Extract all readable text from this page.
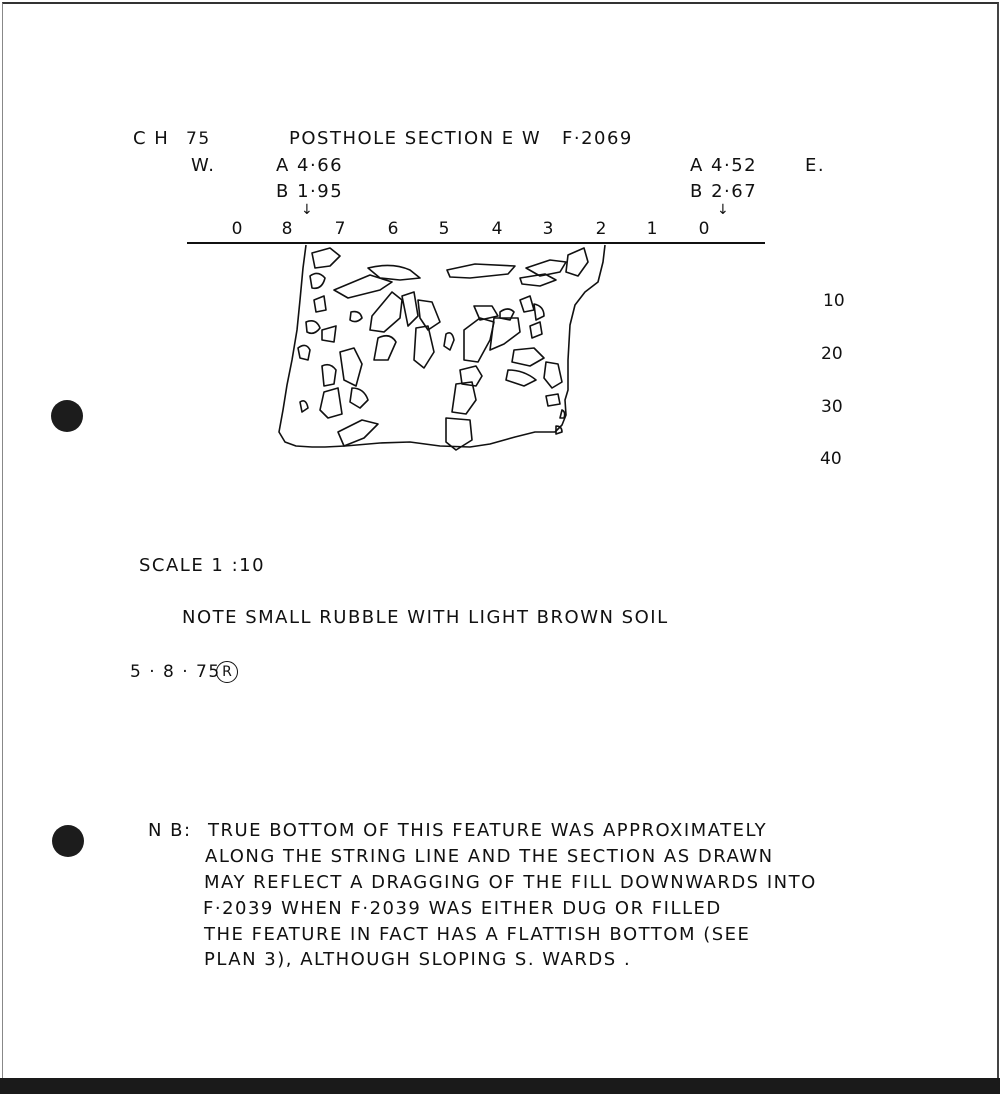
C H 75	POSTHOLE SECTION E W F·2069
W.	A 4·66
B 1·95
↓
A 4·52	E.
B 2·67
↓
0	8	7	6	5	4	3	2	1	0
10
20
30
40
SCALE 1 :10
NOTE SMALL RUBBLE WITH LIGHT BROWN SOIL
5 · 8 · 75 R
N B: TRUE BOTTOM OF THIS FEATURE WAS APPROXIMATELY
ALONG THE STRING LINE AND THE SECTION AS DRAWN
MAY REFLECT A DRAGGING OF THE FILL DOWNWARDS INTO
F·2039 WHEN F·2039 WAS EITHER DUG OR FILLED
THE FEATURE IN FACT HAS A FLATTISH BOTTOM (SEE
PLAN 3), ALTHOUGH SLOPING S. WARDS .
